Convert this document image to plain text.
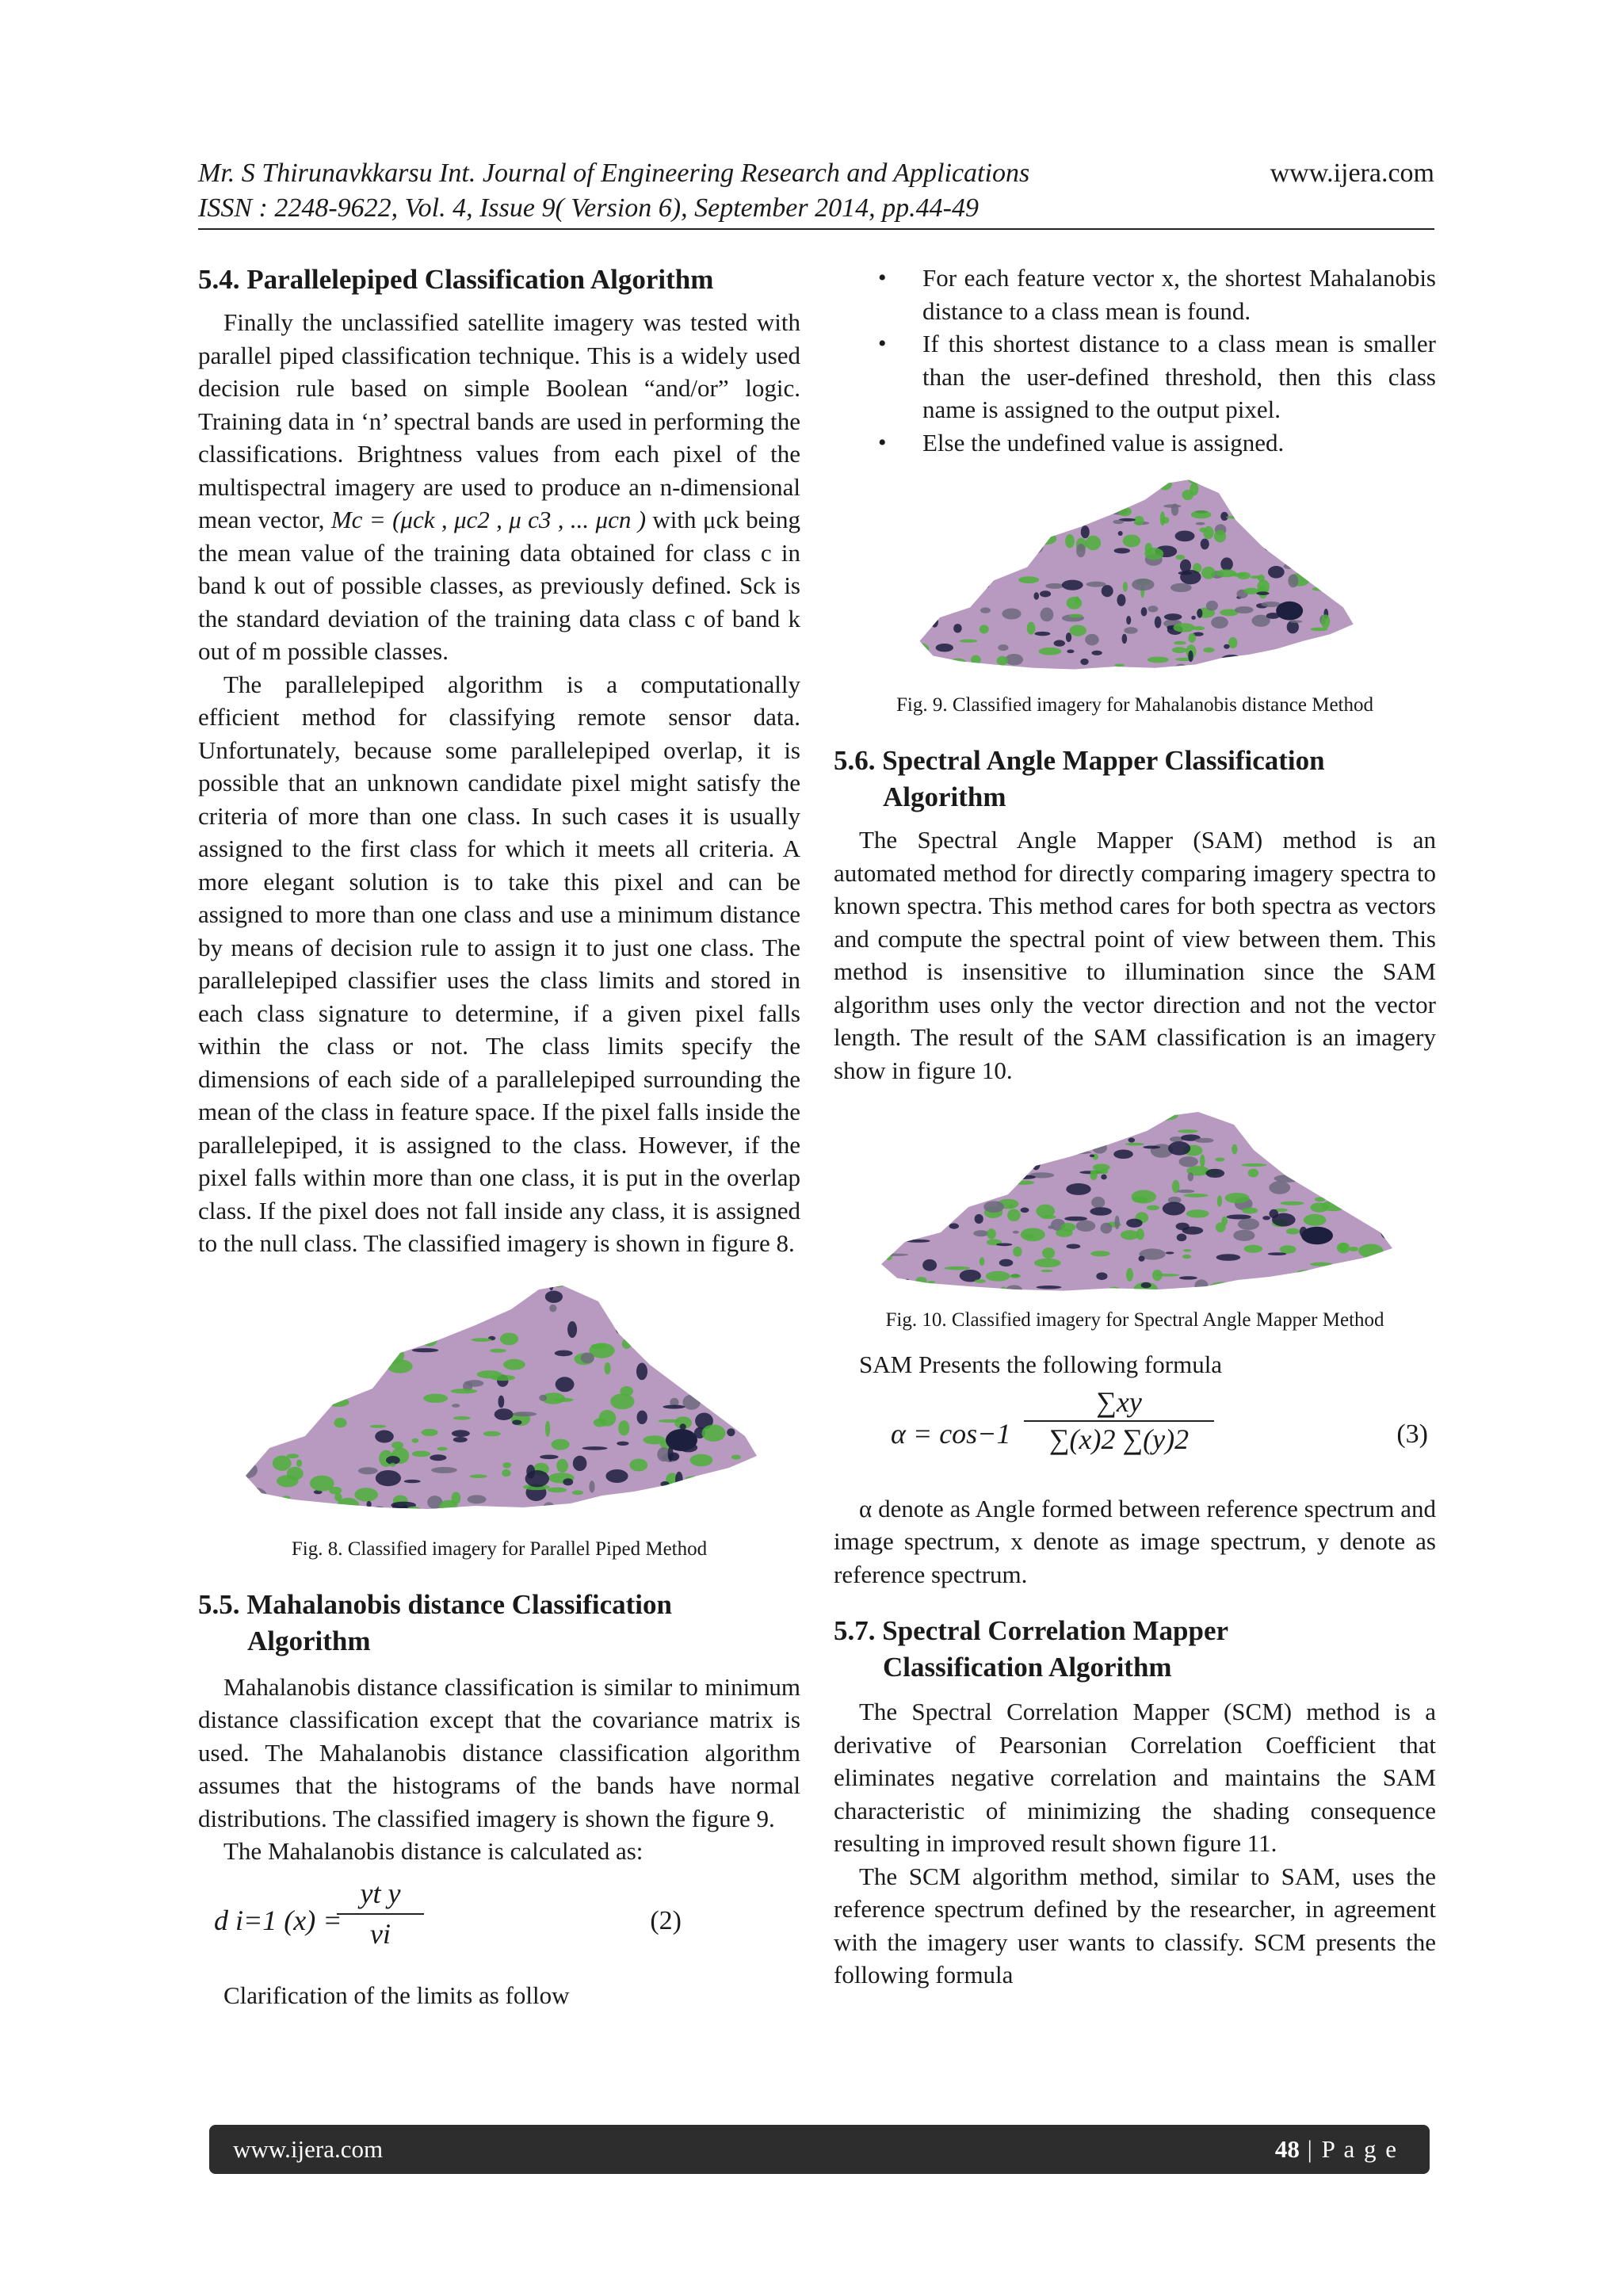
Mr. S Thirunavkkarsu Int. Journal of Engineering Research and Applications	www.ijera.com
ISSN : 2248-9622, Vol. 4, Issue 9( Version 6), September 2014, pp.44-49
5.4. Parallelepiped Classification Algorithm

Finally the unclassified satellite imagery was tested with parallel piped classification technique. This is a widely used decision rule based on simple Boolean “and/or” logic. Training data in ‘n’ spectral bands are used in performing the classifications. Brightness values from each pixel of the multispectral imagery are used to produce an n-dimensional mean vector, Mc = (μck , μc2 , μ c3 , ... μcn ) with μck being the mean value of the training data obtained for class c in band k out of possible classes, as previously defined. Sck is the standard deviation of the training data class c of band k out of m possible classes.

The parallelepiped algorithm is a computationally efficient method for classifying remote sensor data. Unfortunately, because some parallelepiped overlap, it is possible that an unknown candidate pixel might satisfy the criteria of more than one class. In such cases it is usually assigned to the first class for which it meets all criteria. A more elegant solution is to take this pixel and can be assigned to more than one class and use a minimum distance by means of decision rule to assign it to just one class. The parallelepiped classifier uses the class limits and stored in each class signature to determine, if a given pixel falls within the class or not. The class limits specify the dimensions of each side of a parallelepiped surrounding the mean of the class in feature space. If the pixel falls inside the parallelepiped, it is assigned to the class. However, if the pixel falls within more than one class, it is put in the overlap class. If the pixel does not fall inside any class, it is assigned to the null class. The classified imagery is shown in figure 8.

Fig. 8. Classified imagery for Parallel Piped Method
5.5. Mahalanobis distance Classification
Algorithm

Mahalanobis distance classification is similar to minimum distance classification except that the covariance matrix is used. The Mahalanobis distance classification algorithm assumes that the histograms of the bands have normal distributions. The classified imagery is shown the figure 9.

The Mahalanobis distance is calculated as:

d i=1 (x) =
$\frac{\text{yt y}}{vi}$	(2)

Clarification of the limits as follow

• For each feature vector x, the shortest Mahalanobis distance to a class mean is found.
• If this shortest distance to a class mean is smaller than the user-defined threshold, then this class name is assigned to the output pixel.
• Else the undefined value is assigned.
Fig. 9. Classified imagery for Mahalanobis distance Method
5.6. Spectral Angle Mapper Classification
Algorithm

The Spectral Angle Mapper (SAM) method is an automated method for directly comparing imagery spectra to known spectra. This method cares for both spectra as vectors and compute the spectral point of view between them. This method is insensitive to illumination since the SAM algorithm uses only the vector direction and not the vector length. The result of the SAM classification is an imagery show in figure 10.

Fig. 10. Classified imagery for Spectral Angle Mapper Method

SAM Presents the following formula

$\alpha = \cos-1 \frac{\sum xy}{\sum(x)2 \sum(y)2}$	(3)

α denote as Angle formed between reference spectrum and image spectrum, x denote as image spectrum, y denote as reference spectrum.

5.7. Spectral Correlation Mapper
Classification Algorithm

The Spectral Correlation Mapper (SCM) method is a derivative of Pearsonian Correlation Coefficient that eliminates negative correlation and maintains the SAM characteristic of minimizing the shading consequence resulting in improved result shown figure 11.

The SCM algorithm method, similar to SAM, uses the reference spectrum defined by the researcher, in agreement with the imagery user wants to classify. SCM presents the following formula

www.ijera.com	48 | P a g e
